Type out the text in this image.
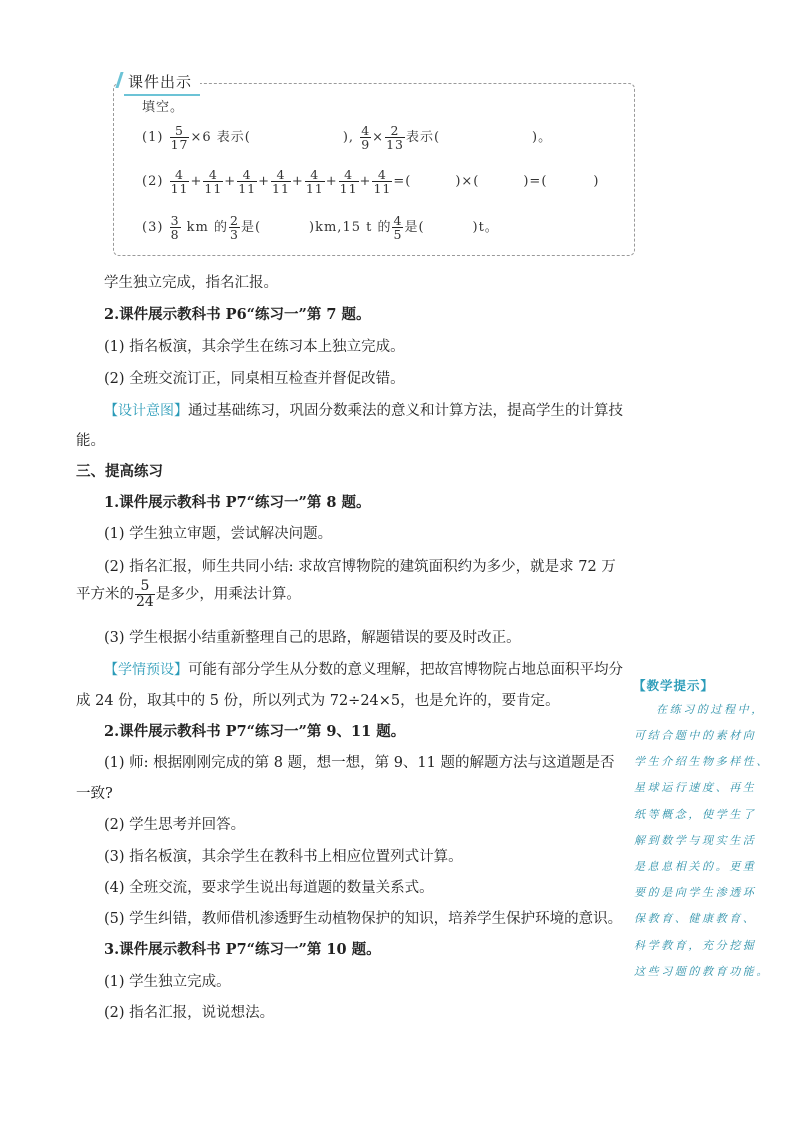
课件出示
填空。
$(1) \frac{5}{17} \times 6$ 表示(	), $\frac{4}{9} \times \frac{2}{13}$ 表示(	)。
$(2) \frac{4}{11} + \frac{4}{11} + \frac{4}{11} + \frac{4}{11} + \frac{4}{11} + \frac{4}{11} + \frac{4}{11}$ =(	)×(	)=(	)
$(3) \frac{3}{8}$ km 的 $\frac{2}{3}$ 是(	)km,15 t 的 $\frac{4}{5}$ 是(	)t。
学生独立完成，指名汇报。
2.课件展示教科书 P6“练习一”第 7 题。
(1) 指名板演，其余学生在练习本上独立完成。
(2) 全班交流订正，同桌相互检查并督促改错。
【设计意图】通过基础练习，巩固分数乘法的意义和计算方法，提高学生的计算技
能。
三、提高练习
1.课件展示教科书 P7“练习一”第 8 题。
(1) 学生独立审题，尝试解决问题。
(2) 指名汇报，师生共同小结: 求故宫博物院的建筑面积约为多少，就是求 72 万
平方米的 $\frac{5}{24}$ 是多少，用乘法计算。
(3) 学生根据小结重新整理自己的思路，解题错误的要及时改正。
【学情预设】可能有部分学生从分数的意义理解，把故宫博物院占地总面积平均分
成 24 份，取其中的 5 份，所以列式为 72÷24×5，也是允许的，要肯定。
2.课件展示教科书 P7“练习一”第 9、11 题。
(1) 师: 根据刚刚完成的第 8 题，想一想，第 9、11 题的解题方法与这道题是否
一致?
(2) 学生思考并回答。
(3) 指名板演，其余学生在教科书上相应位置列式计算。
(4) 全班交流，要求学生说出每道题的数量关系式。
(5) 学生纠错，教师借机渗透野生动植物保护的知识，培养学生保护环境的意识。
3.课件展示教科书 P7“练习一”第 10 题。
(1) 学生独立完成。
(2) 指名汇报，说说想法。
【教学提示】
在练习的过程中，
可结合题中的素材向
学生介绍生物多样性、
星球运行速度、再生
纸等概念，使学生了
解到数学与现实生活
是息息相关的。更重
要的是向学生渗透环
保教育、健康教育、
科学教育，充分挖掘
这些习题的教育功能。
